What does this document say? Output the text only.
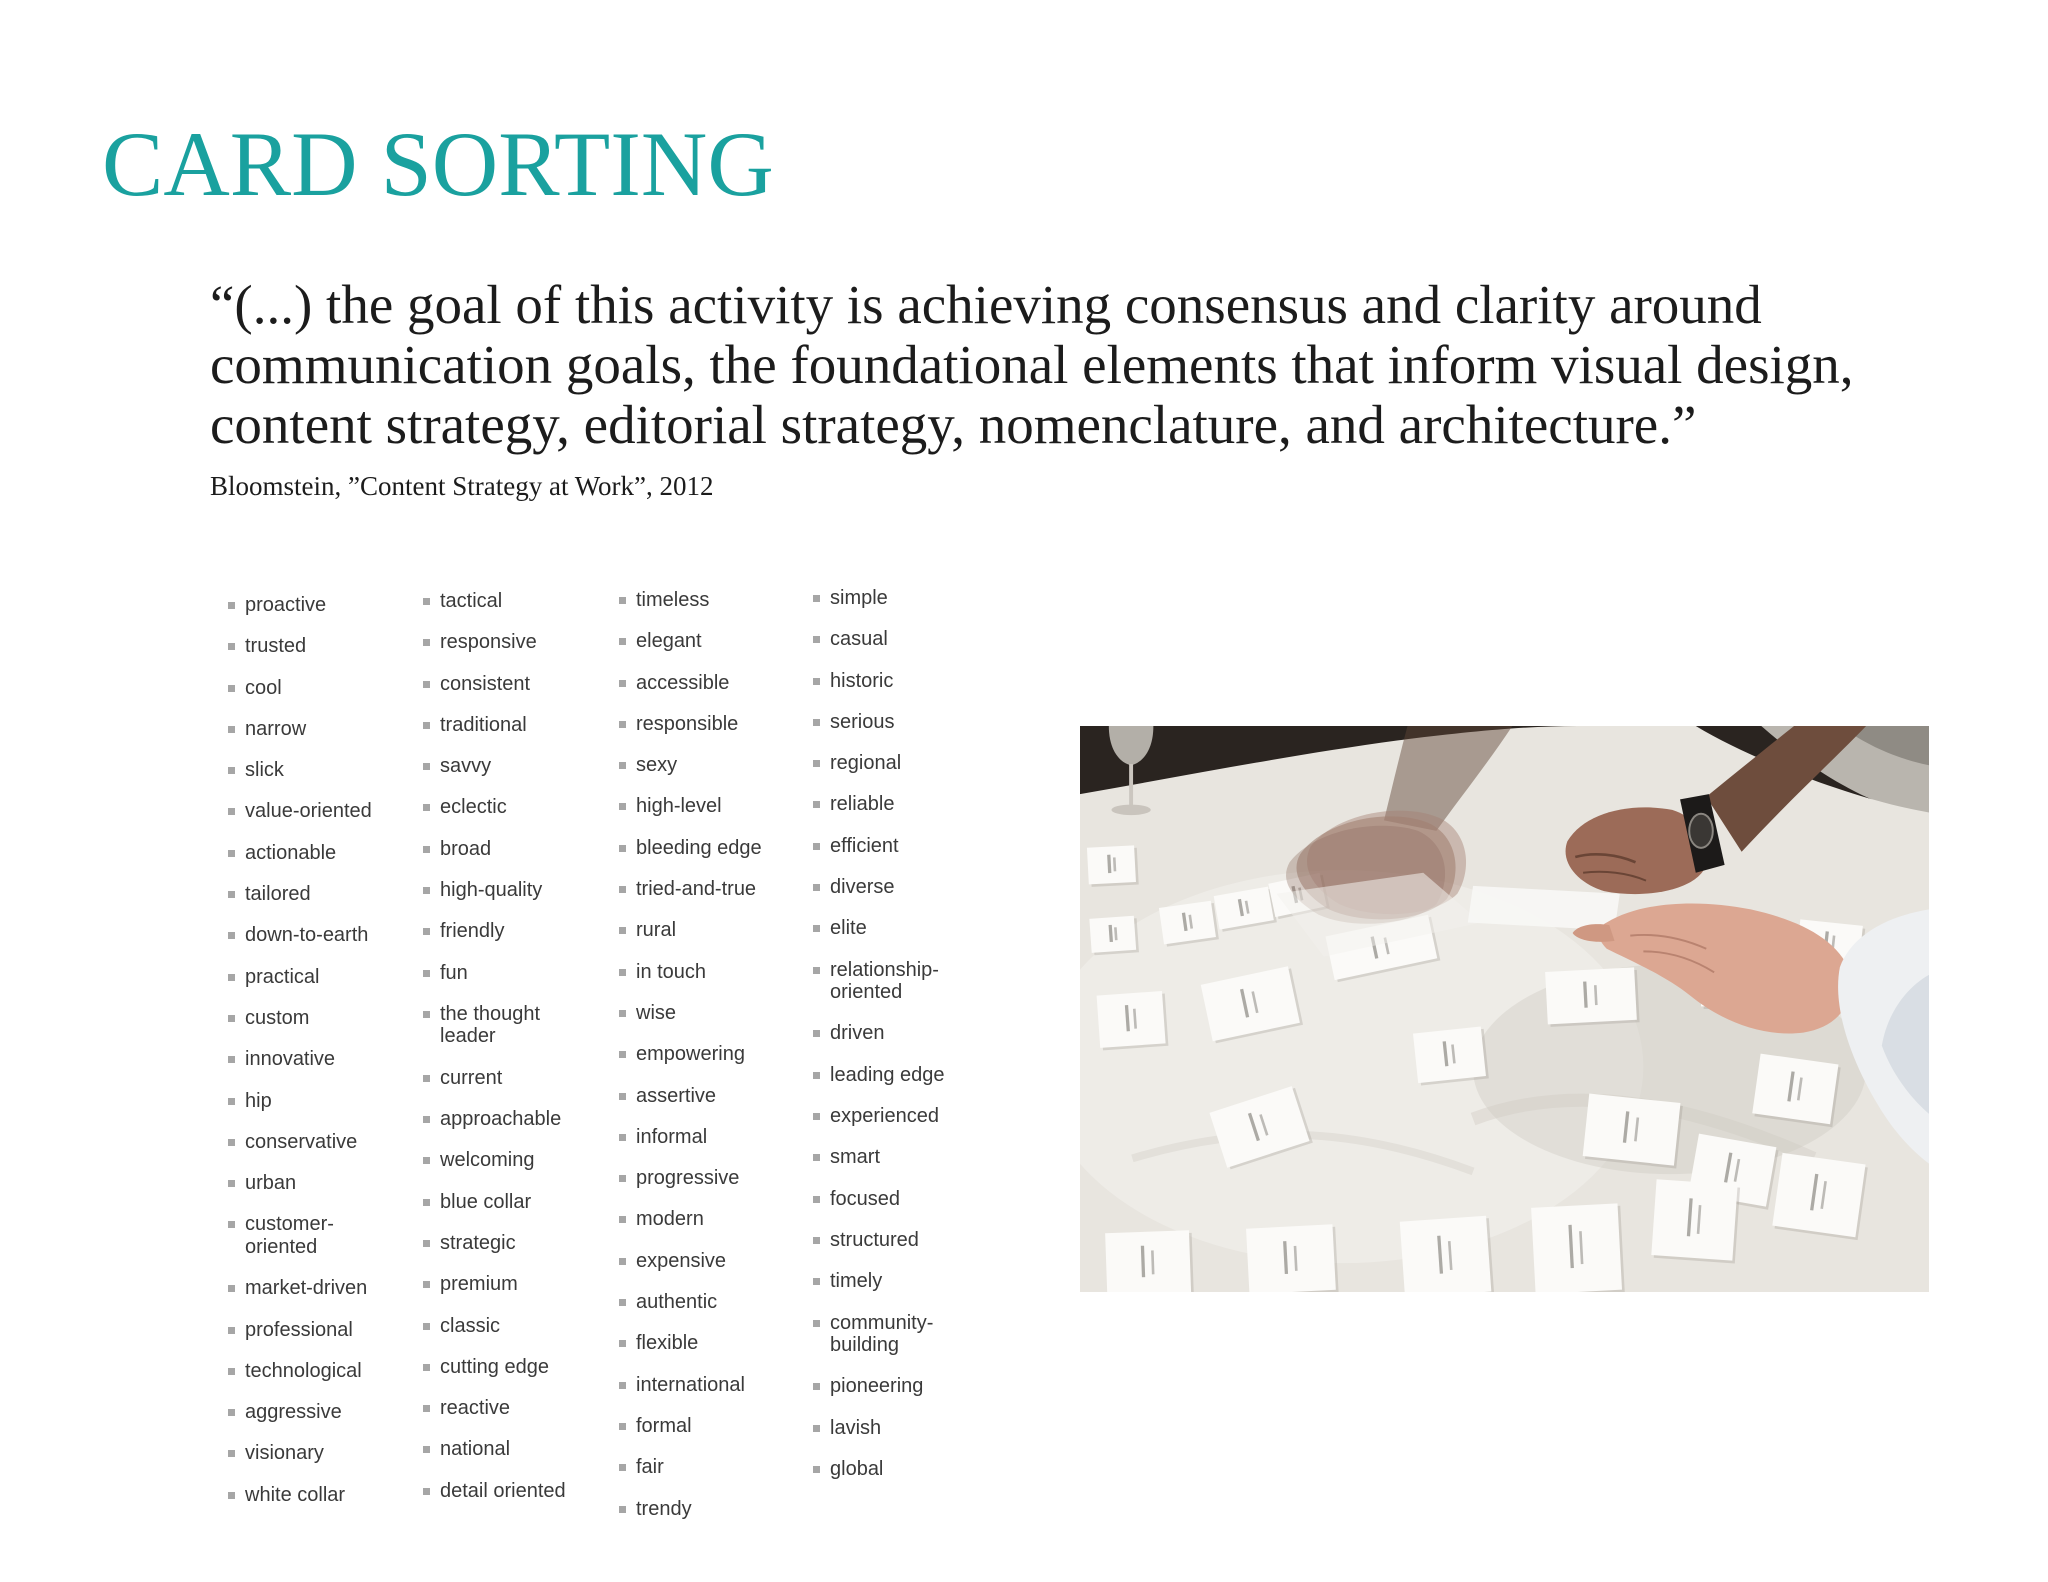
CARD SORTING
“(...) the goal of this activity is achieving consensus and clarity around
communication goals, the foundational elements that inform visual design,
content strategy, editorial strategy, nomenclature, and architecture.”
Bloomstein, ”Content Strategy at Work”, 2012
proactive
trusted
cool
narrow
slick
value-oriented
actionable
tailored
down-to-earth
practical
custom
innovative
hip
conservative
urban
customer-oriented
market-driven
professional
technological
aggressive
visionary
white collar
tactical
responsive
consistent
traditional
savvy
eclectic
broad
high-quality
friendly
fun
the thought leader
current
approachable
welcoming
blue collar
strategic
premium
classic
cutting edge
reactive
national
detail oriented
timeless
elegant
accessible
responsible
sexy
high-level
bleeding edge
tried-and-true
rural
in touch
wise
empowering
assertive
informal
progressive
modern
expensive
authentic
flexible
international
formal
fair
trendy
simple
casual
historic
serious
regional
reliable
efficient
diverse
elite
relationship-oriented
driven
leading edge
experienced
smart
focused
structured
timely
community-building
pioneering
lavish
global
